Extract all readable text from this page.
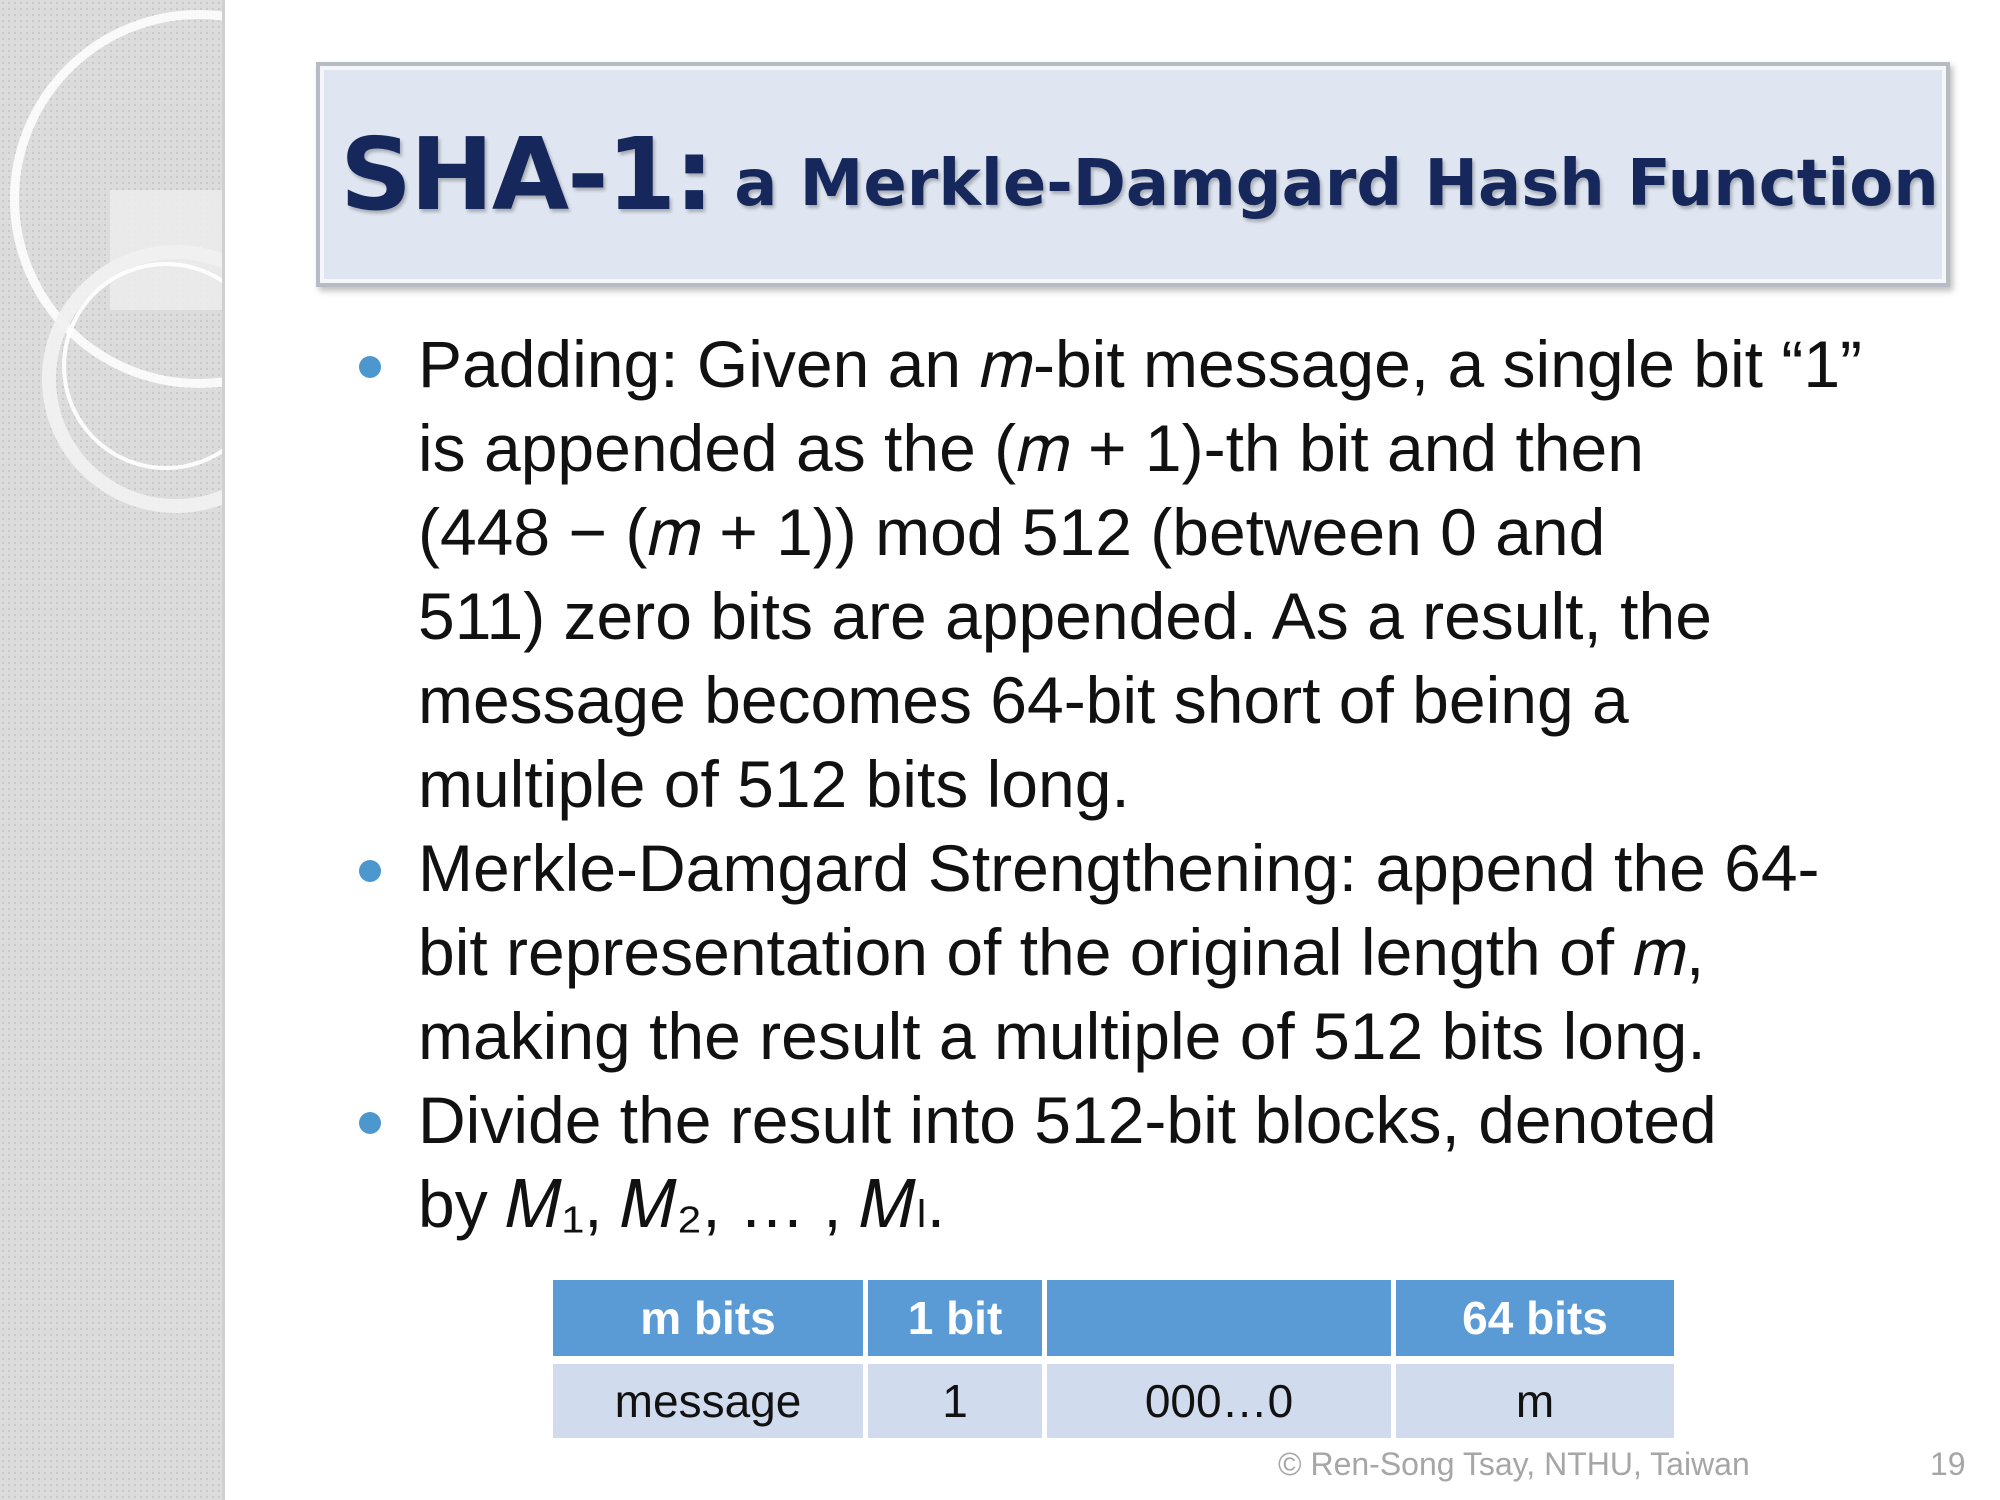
SHA-1: a Merkle-Damgard Hash Function
Padding: Given an 𝑚-bit message, a single bit “1”
is appended as the (𝑚 + 1)-th bit and then
(448 − (𝑚 + 1)) mod 512 (between 0 and
511) zero bits are appended. As a result, the
message becomes 64-bit short of being a
multiple of 512 bits long.
Merkle-Damgard Strengthening: append the 64-
bit representation of the original length of 𝑚,
making the result a multiple of 512 bits long.
Divide the result into 512-bit blocks, denoted
by 𝑀₁, 𝑀₂, … , 𝑀ₗ.
m bits	1 bit		64 bits
message	1	000…0	m
© Ren-Song Tsay, NTHU, Taiwan	19
